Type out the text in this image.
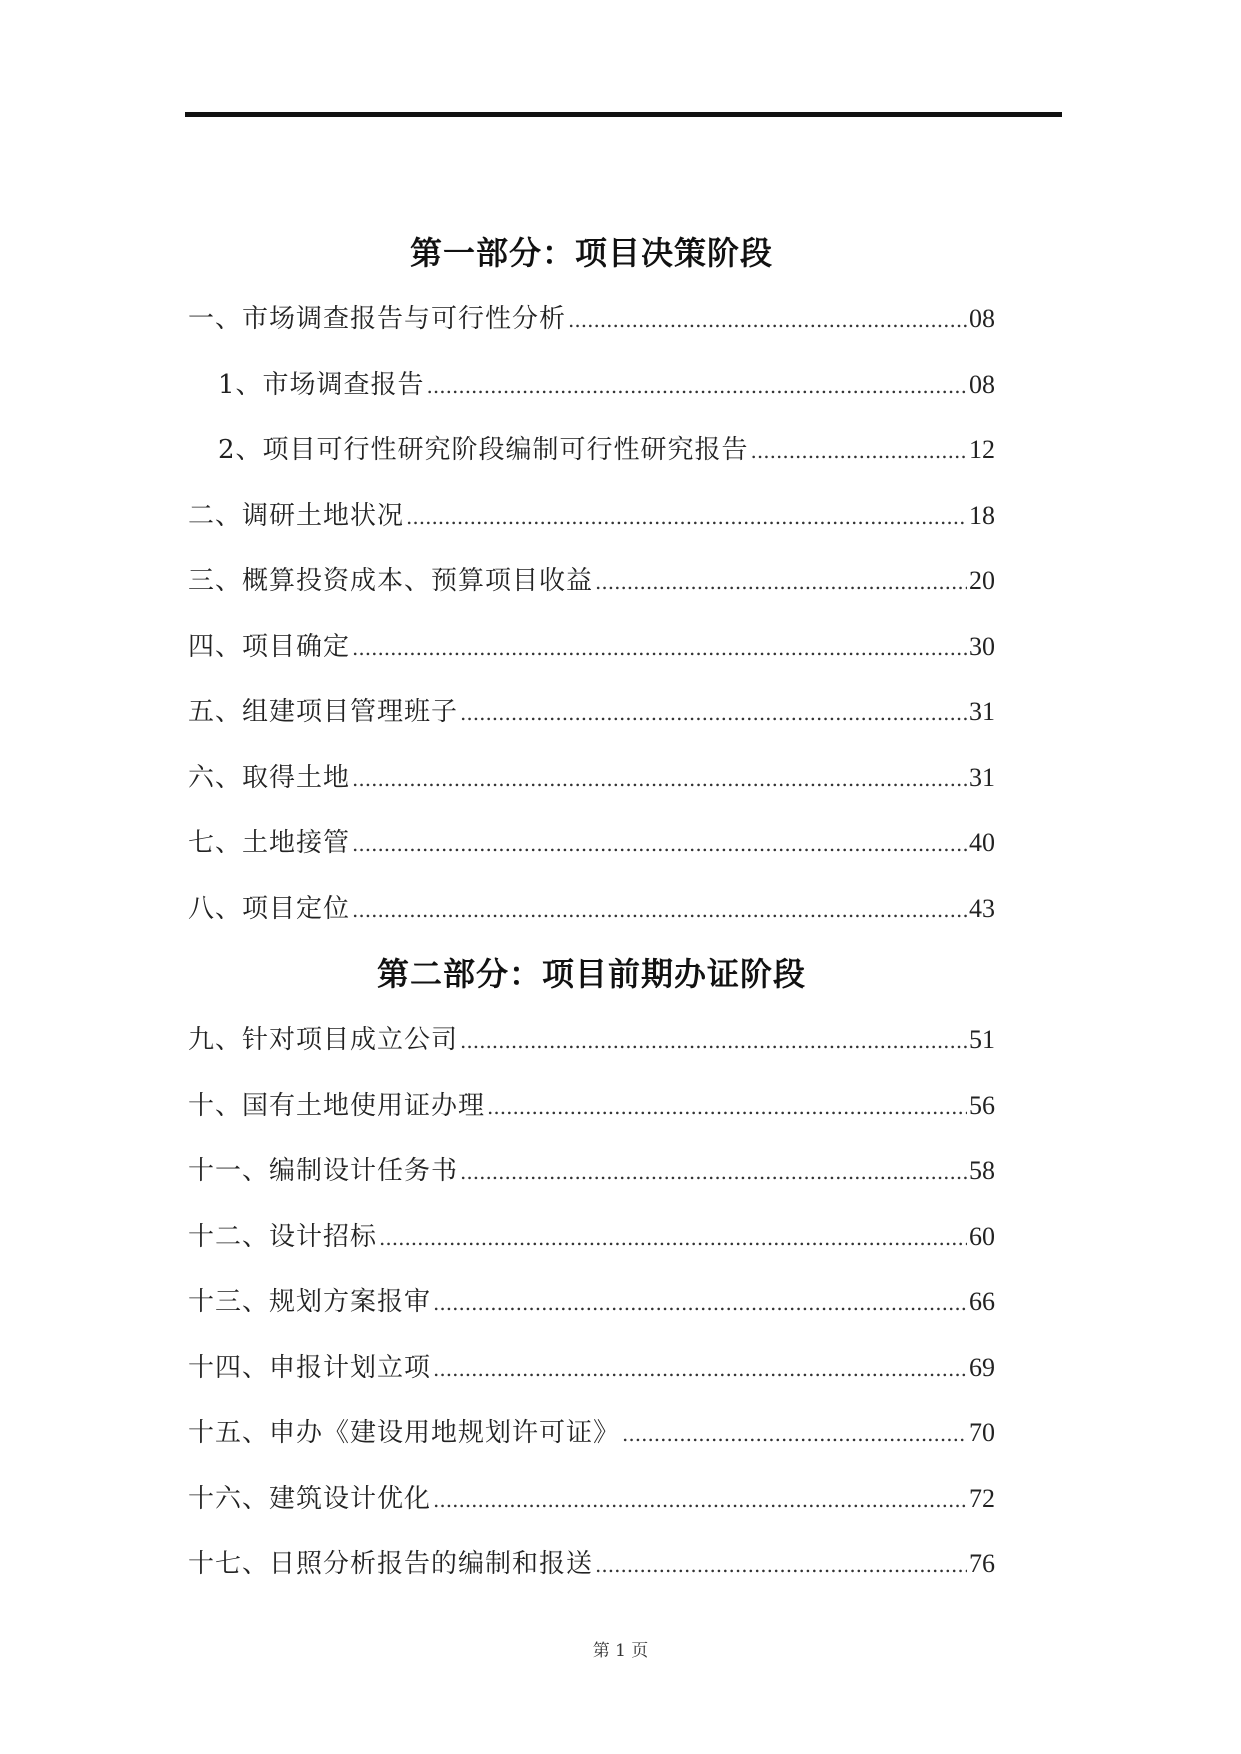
第一部分：项目决策阶段
一、市场调查报告与可行性分析 .....	08
1、市场调查报告 .....	08
2、项目可行性研究阶段编制可行性研究报告 .....	12
二、调研土地状况 .....	18
三、概算投资成本、预算项目收益 .....	20
四、项目确定 .....	30
五、组建项目管理班子 .....	31
六、取得土地 .....	31
七、土地接管 .....	40
八、项目定位 .....	43
第二部分：项目前期办证阶段
九、针对项目成立公司 .....	51
十、国有土地使用证办理 .....	56
十一、编制设计任务书 .....	58
十二、设计招标 .....	60
十三、规划方案报审 .....	66
十四、申报计划立项 .....	69
十五、申办《建设用地规划许可证》 .....	70
十六、建筑设计优化 .....	72
十七、日照分析报告的编制和报送 .....	76
第 1 页
